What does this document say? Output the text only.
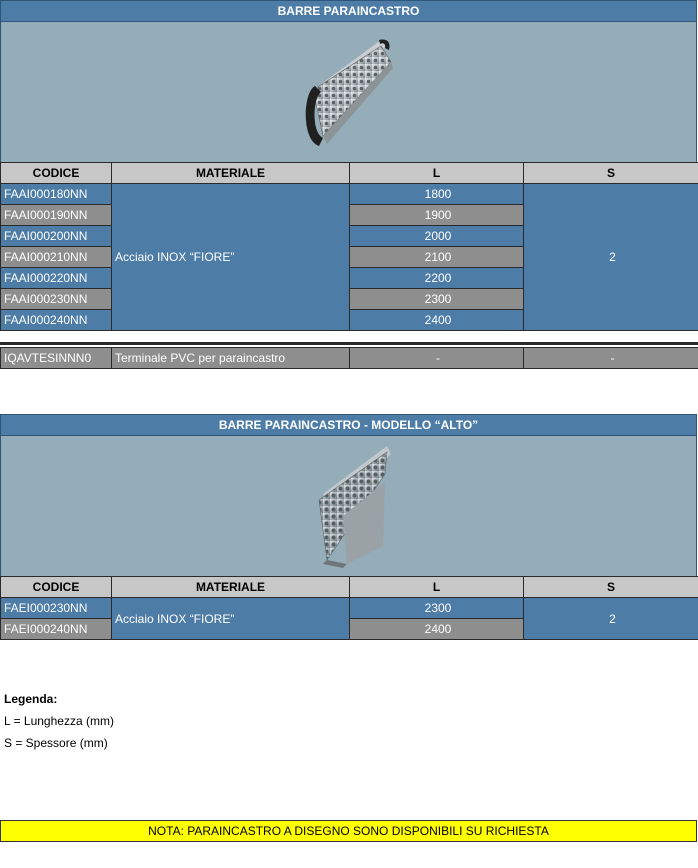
BARRE PARAINCASTRO
CODICE	MATERIALE	L	S
FAAI000180NN	Acciaio INOX “FIORE”	1800	2
FAAI000190NN		1900	
FAAI000200NN		2000	
FAAI000210NN		2100	
FAAI000220NN		2200	
FAAI000230NN		2300	
FAAI000240NN		2400	
IQAVTESINNN0	Terminale PVC per paraincastro	-	-
BARRE PARAINCASTRO - MODELLO “ALTO”
CODICE	MATERIALE	L	S
FAEI000230NN	Acciaio INOX “FIORE”	2300	2
FAEI000240NN		2400	
Legenda:
L = Lunghezza (mm)
S = Spessore (mm)
NOTA: PARAINCASTRO A DISEGNO SONO DISPONIBILI SU RICHIESTA
